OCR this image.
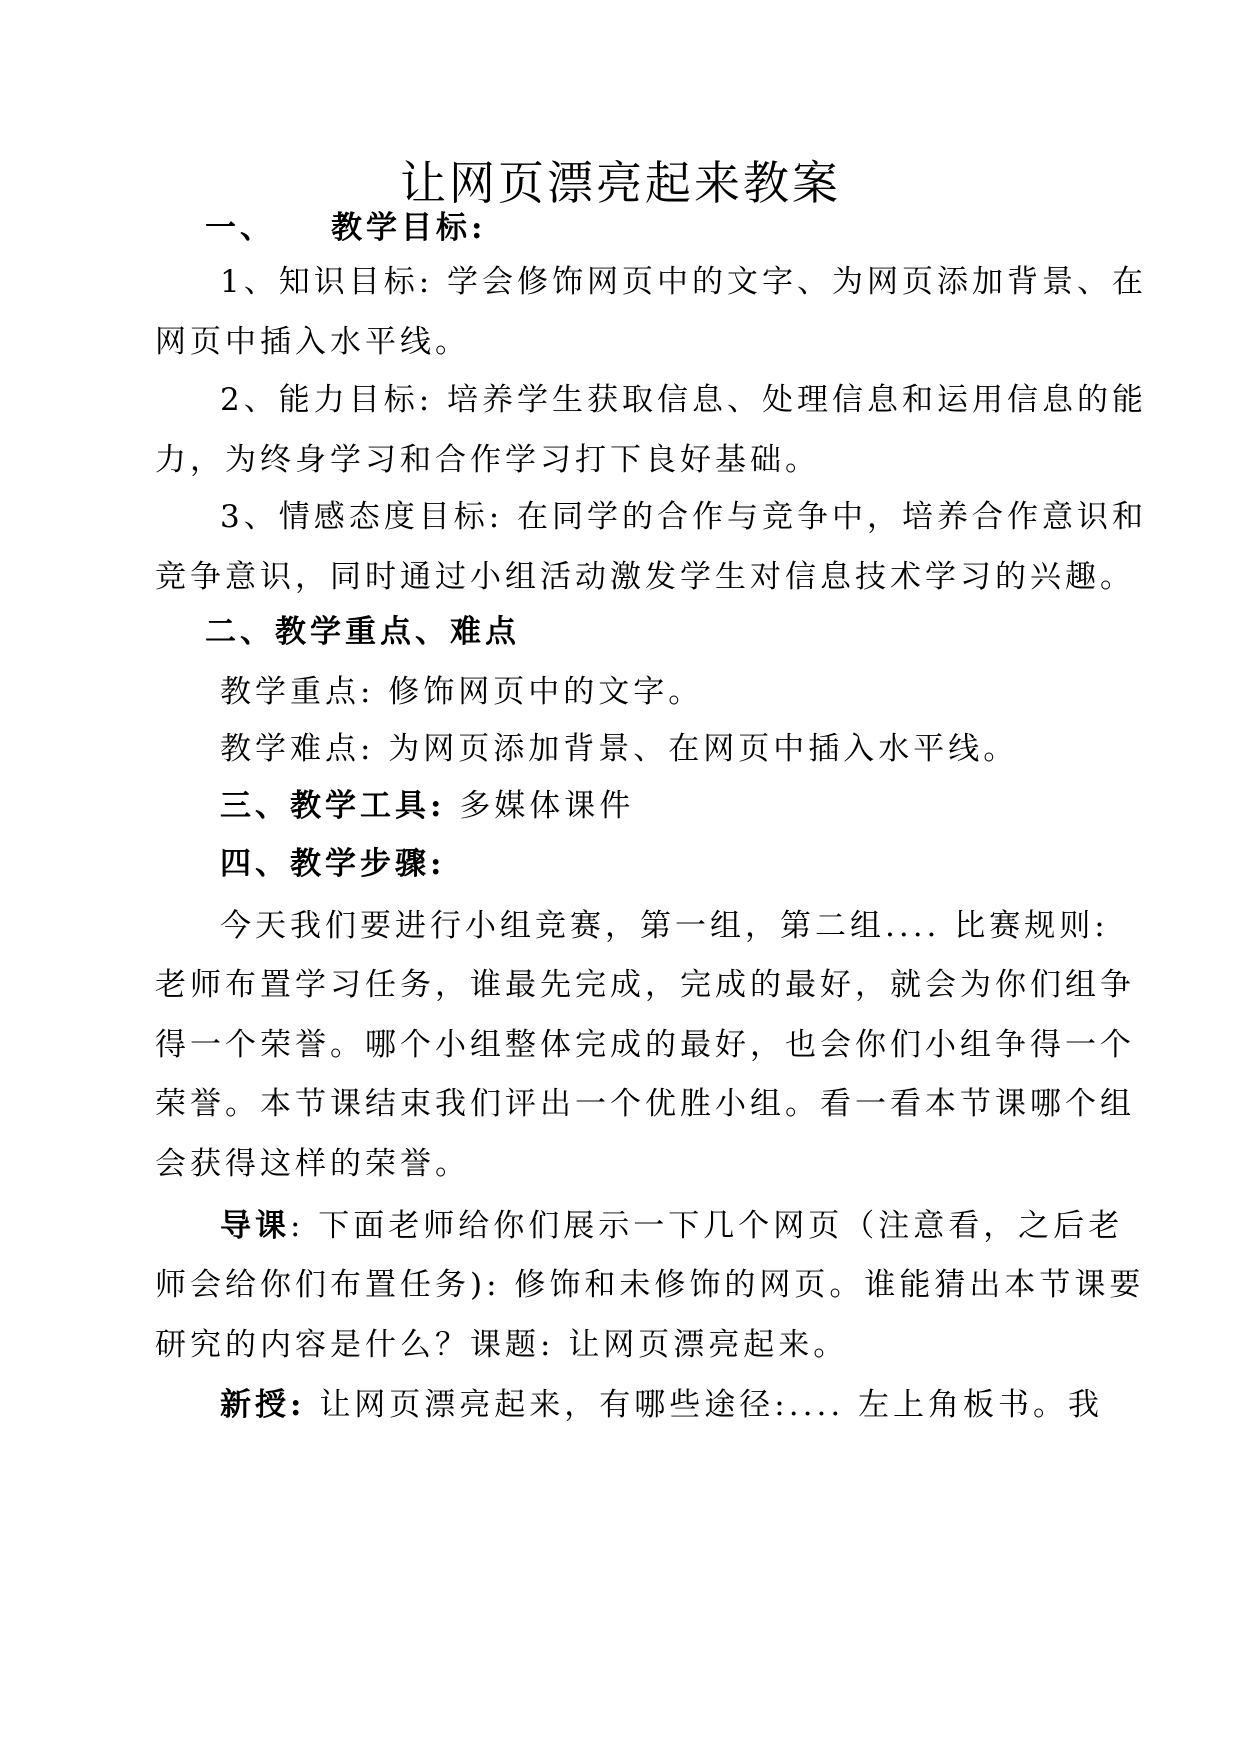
让网页漂亮起来教案
一、 教学目标:
1、知识目标: 学会修饰网页中的文字、为网页添加背景、在
网页中插入水平线。
2、能力目标: 培养学生获取信息、处理信息和运用信息的能
力，为终身学习和合作学习打下良好基础。
3、情感态度目标: 在同学的合作与竞争中，培养合作意识和
竞争意识，同时通过小组活动激发学生对信息技术学习的兴趣。
二、教学重点、难点
教学重点: 修饰网页中的文字。
教学难点: 为网页添加背景、在网页中插入水平线。
三、教学工具: 多媒体课件
四、教学步骤:
今天我们要进行小组竞赛，第一组，第二组.... 比赛规则:
老师布置学习任务，谁最先完成，完成的最好，就会为你们组争
得一个荣誉。哪个小组整体完成的最好，也会你们小组争得一个
荣誉。本节课结束我们评出一个优胜小组。看一看本节课哪个组
会获得这样的荣誉。
导课: 下面老师给你们展示一下几个网页（注意看，之后老
师会给你们布置任务): 修饰和未修饰的网页。谁能猜出本节课要
研究的内容是什么？课题: 让网页漂亮起来。
新授: 让网页漂亮起来，有哪些途径:.... 左上角板书。我
